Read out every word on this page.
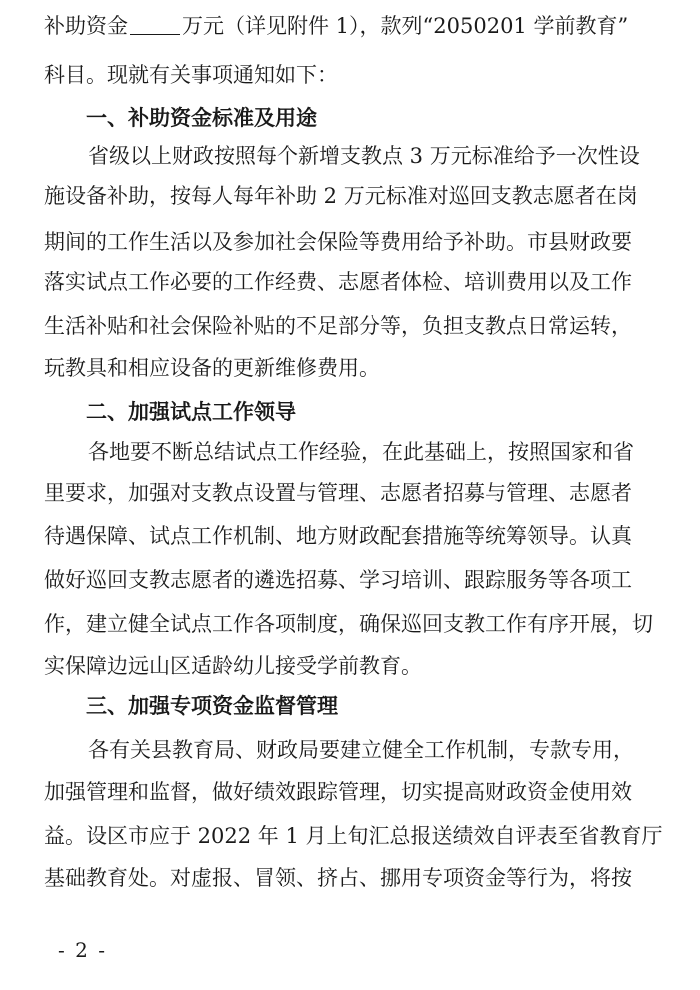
补助资金	万元（详见附件 1），款列“2050201 学前教育”
科目。现就有关事项通知如下：
一、补助资金标准及用途
省级以上财政按照每个新增支教点 3 万元标准给予一次性设
施设备补助，按每人每年补助 2 万元标准对巡回支教志愿者在岗
期间的工作生活以及参加社会保险等费用给予补助。市县财政要
落实试点工作必要的工作经费、志愿者体检、培训费用以及工作
生活补贴和社会保险补贴的不足部分等，负担支教点日常运转，
玩教具和相应设备的更新维修费用。
二、加强试点工作领导
各地要不断总结试点工作经验，在此基础上，按照国家和省
里要求，加强对支教点设置与管理、志愿者招募与管理、志愿者
待遇保障、试点工作机制、地方财政配套措施等统筹领导。认真
做好巡回支教志愿者的遴选招募、学习培训、跟踪服务等各项工
作，建立健全试点工作各项制度，确保巡回支教工作有序开展，切
实保障边远山区适龄幼儿接受学前教育。
三、加强专项资金监督管理
各有关县教育局、财政局要建立健全工作机制，专款专用，
加强管理和监督，做好绩效跟踪管理，切实提高财政资金使用效
益。设区市应于 2022 年 1 月上旬汇总报送绩效自评表至省教育厅
基础教育处。对虚报、冒领、挤占、挪用专项资金等行为，将按
- 2 -
